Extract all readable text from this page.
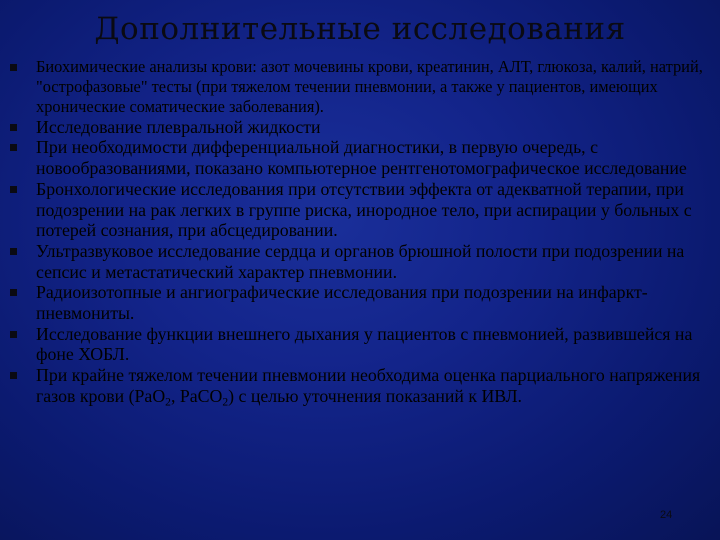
Дополнительные исследования
Биохимические анализы крови: азот мочевины крови, креатинин, АЛТ, глюкоза, калий, натрий, "острофазовые" тесты (при тяжелом течении пневмонии, а также у пациентов, имеющих хронические соматические заболевания).
Исследование плевральной жидкости
При необходимости дифференциальной диагностики, в первую очередь, с новообразованиями, показано компьютерное рентгенотомографическое исследование
Бронхологические исследования при отсутствии эффекта от адекватной терапии, при подозрении на рак легких в группе риска, инородное тело, при аспирации у больных с потерей сознания, при абсцедировании.
Ультразвуковое исследование сердца и органов брюшной полости при подозрении на сепсис и метастатический характер пневмонии.
Радиоизотопные и ангиографические исследования при подозрении на инфаркт-пневмониты.
Исследование функции внешнего дыхания у пациентов с пневмонией, развившейся на фоне ХОБЛ.
При крайне тяжелом течении пневмонии необходима оценка парциального напряжения газов крови (PaO$_2$, PaCO$_2$) с целью уточнения показаний к ИВЛ.
24
